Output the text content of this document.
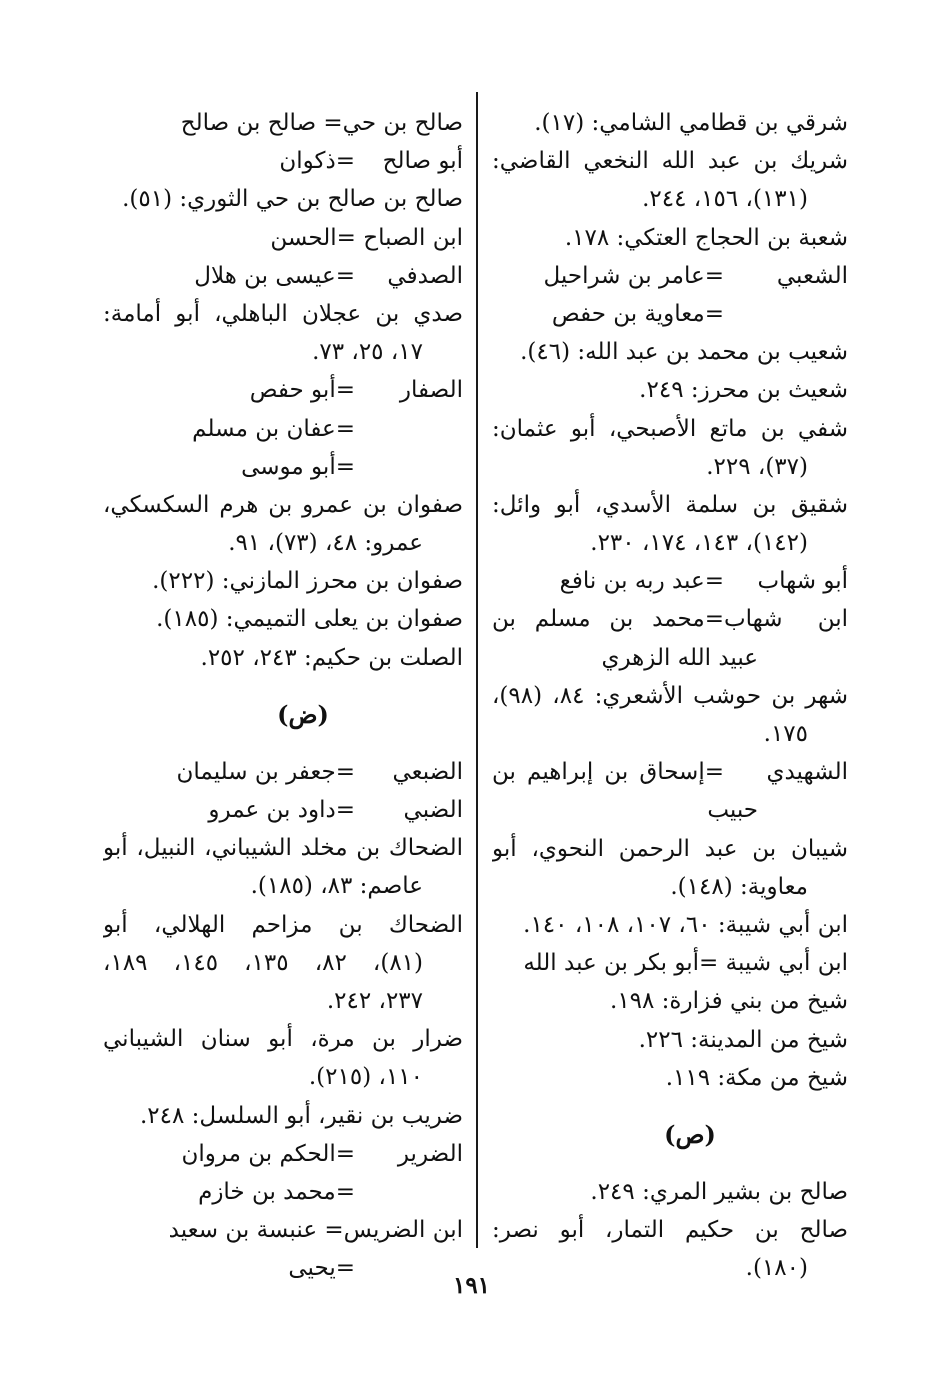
شرقي بن قطامي الشامي: (١٧).
شريك بن عبد الله النخعي القاضي:
(١٣١)، ١٥٦، ٢٤٤.
شعبة بن الحجاج العتكي: ١٧٨.
الشعبي=عامر بن شراحيل
=معاوية بن حفص
شعيب بن محمد بن عبد الله: (٤٦).
شعيث بن محرز: ٢٤٩.
شفي بن ماتع الأصبحي، أبو عثمان:
(٣٧)، ٢٢٩.
شقيق بن سلمة الأسدي، أبو وائل:
(١٤٢)، ١٤٣، ١٧٤، ٢٣٠.
أبو شهاب=عبد ربه بن نافع
ابن شهاب=محمد بن مسلم بن
عبيد الله الزهري
شهر بن حوشب الأشعري: ٨٤، (٩٨)،
١٧٥.
الشهيدي=إسحاق بن إبراهيم بن
حبيب
شيبان بن عبد الرحمن النحوي، أبو
معاوية: (١٤٨).
ابن أبي شيبة: ٦٠، ١٠٧، ١٠٨، ١٤٠.
ابن أبي شيبة =أبو بكر بن عبد الله
شيخ من بني فزارة: ١٩٨.
شيخ من المدينة: ٢٢٦.
شيخ من مكة: ١١٩.
(ص)
صالح بن بشير المري: ٢٤٩.
صالح بن حكيم التمار، أبو نصر:
(١٨٠).
صالح بن حي= صالح بن صالح
أبو صالح=ذكوان
صالح بن صالح بن حي الثوري: (٥١).
ابن الصباح =الحسن
الصدفي=عيسى بن هلال
صدي بن عجلان الباهلي، أبو أمامة:
١٧، ٢٥، ٧٣.
الصفار=أبو حفص
=عفان بن مسلم
=أبو موسى
صفوان بن عمرو بن هرم السكسكي،
عمرو: ٤٨، (٧٣)، ٩١.
صفوان بن محرز المازني: (٢٢٢).
صفوان بن يعلى التميمي: (١٨٥).
الصلت بن حكيم: ٢٤٣، ٢٥٢.
(ض)
الضبعي=جعفر بن سليمان
الضبي=داود بن عمرو
الضحاك بن مخلد الشيباني، النبيل، أبو
عاصم: ٨٣، (١٨٥).
الضحاك بن مزاحم الهلالي، أبو
(٨١)، ٨٢، ١٣٥، ١٤٥، ١٨٩،
٢٣٧، ٢٤٢.
ضرار بن مرة، أبو سنان الشيباني
١١٠، (٢١٥).
ضريب بن نقير، أبو السلسل: ٢٤٨.
الضرير=الحكم بن مروان
=محمد بن خازم
ابن الضريس= عنبسة بن سعيد
=يحيى
١٩١
